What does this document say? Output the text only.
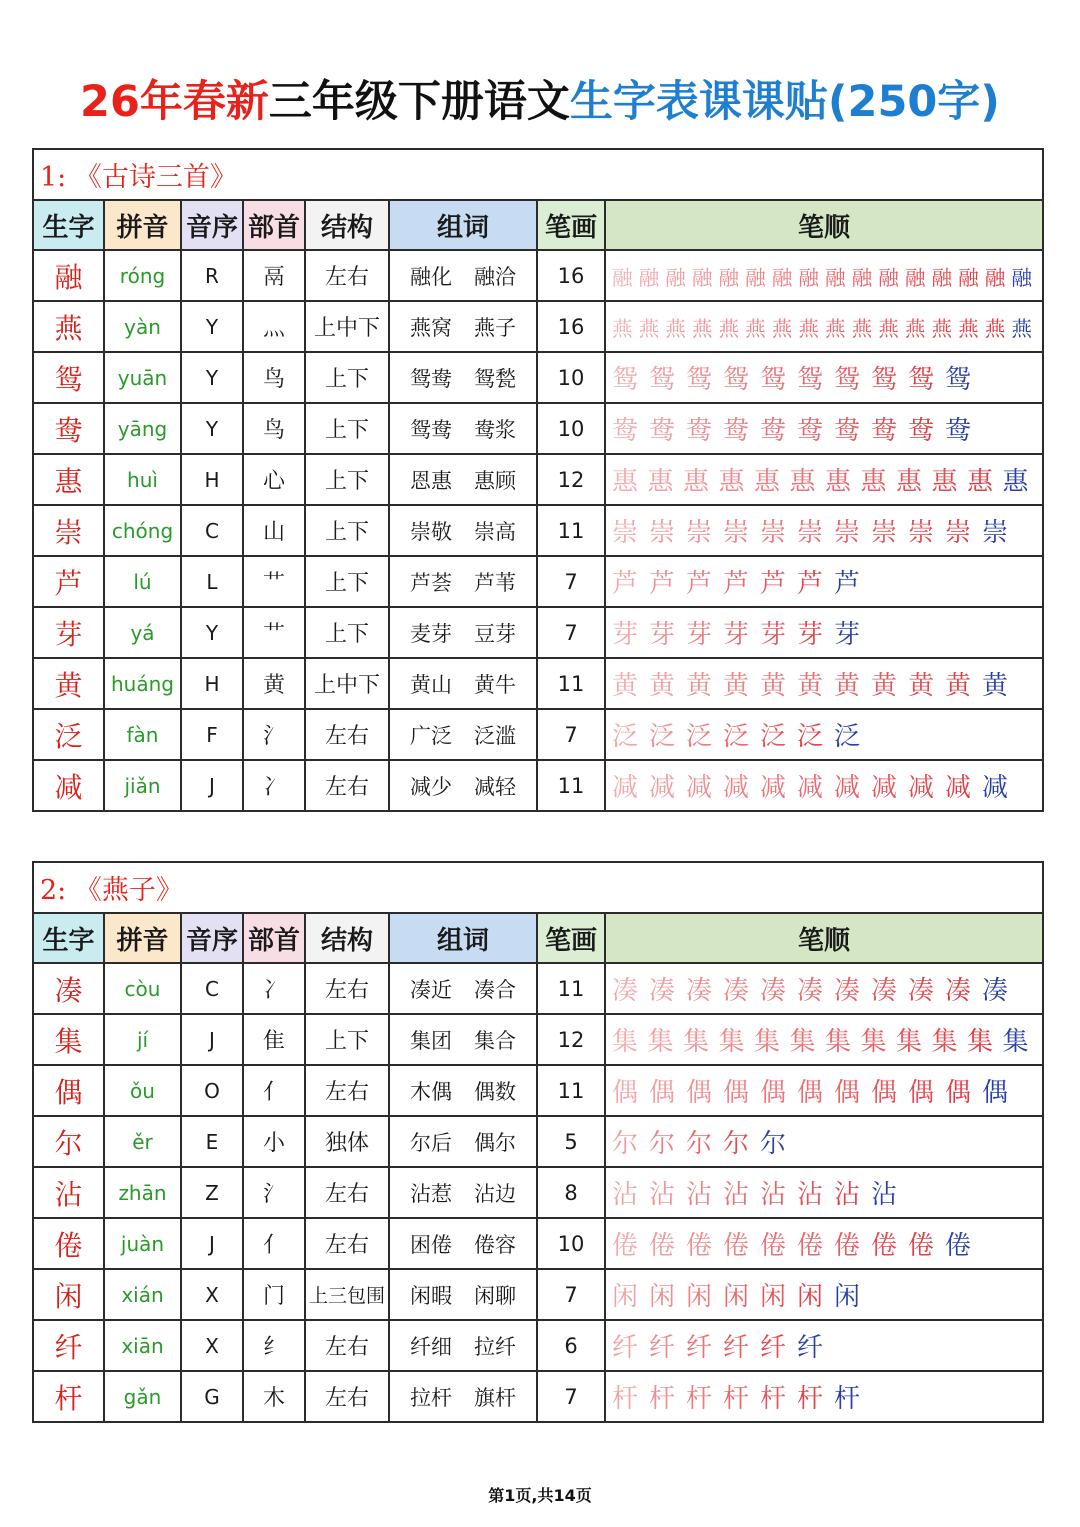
26年春新三年级下册语文生字表课课贴(250字)
1: 《古诗三首》							
生字	拼音	音序	部首	结构	组词	笔画	笔顺
融	róng	R	鬲	左右	融化 融洽	16	融 融 融 融 融 融 融 融 融 融 融 融 融 融 融 融
燕	yàn	Y	灬	上中下	燕窝 燕子	16	燕 燕 燕 燕 燕 燕 燕 燕 燕 燕 燕 燕 燕 燕 燕 燕
鸳	yuān	Y	鸟	上下	鸳鸯 鸳甃	10	鸳 鸳 鸳 鸳 鸳 鸳 鸳 鸳 鸳 鸳
鸯	yāng	Y	鸟	上下	鸳鸯 鸯浆	10	鸯 鸯 鸯 鸯 鸯 鸯 鸯 鸯 鸯 鸯
惠	huì	H	心	上下	恩惠 惠顾	12	惠 惠 惠 惠 惠 惠 惠 惠 惠 惠 惠 惠
崇	chóng	C	山	上下	崇敬 崇高	11	崇 崇 崇 崇 崇 崇 崇 崇 崇 崇 崇
芦	lú	L	艹	上下	芦荟 芦苇	7	芦 芦 芦 芦 芦 芦 芦
芽	yá	Y	艹	上下	麦芽 豆芽	7	芽 芽 芽 芽 芽 芽 芽
黄	huáng	H	黄	上中下	黄山 黄牛	11	黄 黄 黄 黄 黄 黄 黄 黄 黄 黄 黄
泛	fàn	F	氵	左右	广泛 泛滥	7	泛 泛 泛 泛 泛 泛 泛
减	jiǎn	J	冫	左右	减少 减轻	11	减 减 减 减 减 减 减 减 减 减 减
2: 《燕子》							
生字	拼音	音序	部首	结构	组词	笔画	笔顺
凑	còu	C	冫	左右	凑近 凑合	11	凑 凑 凑 凑 凑 凑 凑 凑 凑 凑 凑
集	jí	J	隹	上下	集团 集合	12	集 集 集 集 集 集 集 集 集 集 集 集
偶	ǒu	O	亻	左右	木偶 偶数	11	偶 偶 偶 偶 偶 偶 偶 偶 偶 偶 偶
尔	ěr	E	小	独体	尔后 偶尔	5	尔 尔 尔 尔 尔
沾	zhān	Z	氵	左右	沾惹 沾边	8	沾 沾 沾 沾 沾 沾 沾 沾
倦	juàn	J	亻	左右	困倦 倦容	10	倦 倦 倦 倦 倦 倦 倦 倦 倦 倦
闲	xián	X	门	上三包围	闲暇 闲聊	7	闲 闲 闲 闲 闲 闲 闲
纤	xiān	X	纟	左右	纤细 拉纤	6	纤 纤 纤 纤 纤 纤
杆	gǎn	G	木	左右	拉杆 旗杆	7	杆 杆 杆 杆 杆 杆 杆
第1页,共14页
